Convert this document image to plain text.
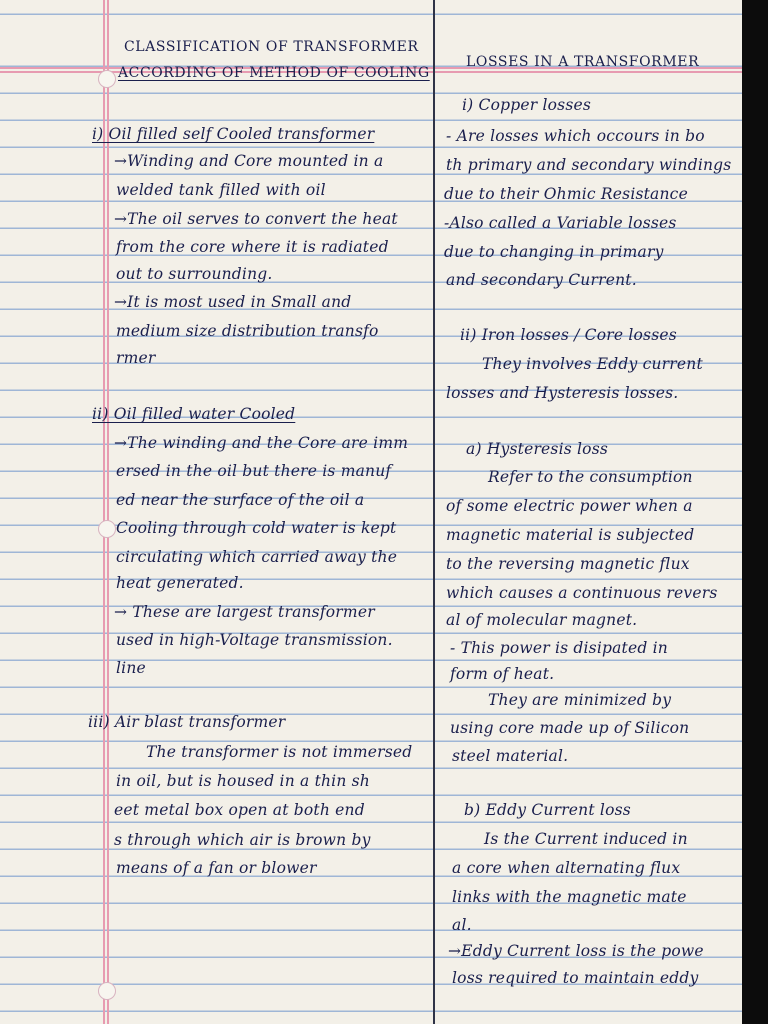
CLASSIFICATION OF TRANSFORMER

ACCORDING OF METHOD OF COOLING

i) Oil filled self Cooled transformer

→Winding and Core mounted in a

welded tank filled with oil

→The oil serves to convert the heat

from the core where it is radiated

out to surrounding.

→It is most used in Small and

medium size distribution transfo

rmer

ii) Oil filled water Cooled

→The winding and the Core are imm

ersed in the oil but there is manuf

ed near the surface of the oil a

Cooling through cold water is kept

circulating which carried away the

heat generated.

→ These are largest transformer

used in high-Voltage transmission.

line

iii) Air blast transformer

The transformer is not immersed

in oil, but is housed in a thin sh

eet metal box open at both end

s through which air is brown by

means of a fan or blower

LOSSES IN A TRANSFORMER

i) Copper losses

- Are losses which occours in bo

th primary and secondary windings

due to their Ohmic Resistance

-Also called a Variable losses

due to changing in primary

and secondary Current.

ii) Iron losses / Core losses

They involves Eddy current

losses and Hysteresis losses.

a) Hysteresis loss

Refer to the consumption

of some electric power when a

magnetic material is subjected

to the reversing magnetic flux

which causes a continuous revers

al of molecular magnet.

- This power is disipated in

form of heat.

They are minimized by

using core made up of Silicon

steel material.

b) Eddy Current loss

Is the Current induced in

a core when alternating flux

links with the magnetic mate

al.

→Eddy Current loss is the powe

loss required to maintain eddy
